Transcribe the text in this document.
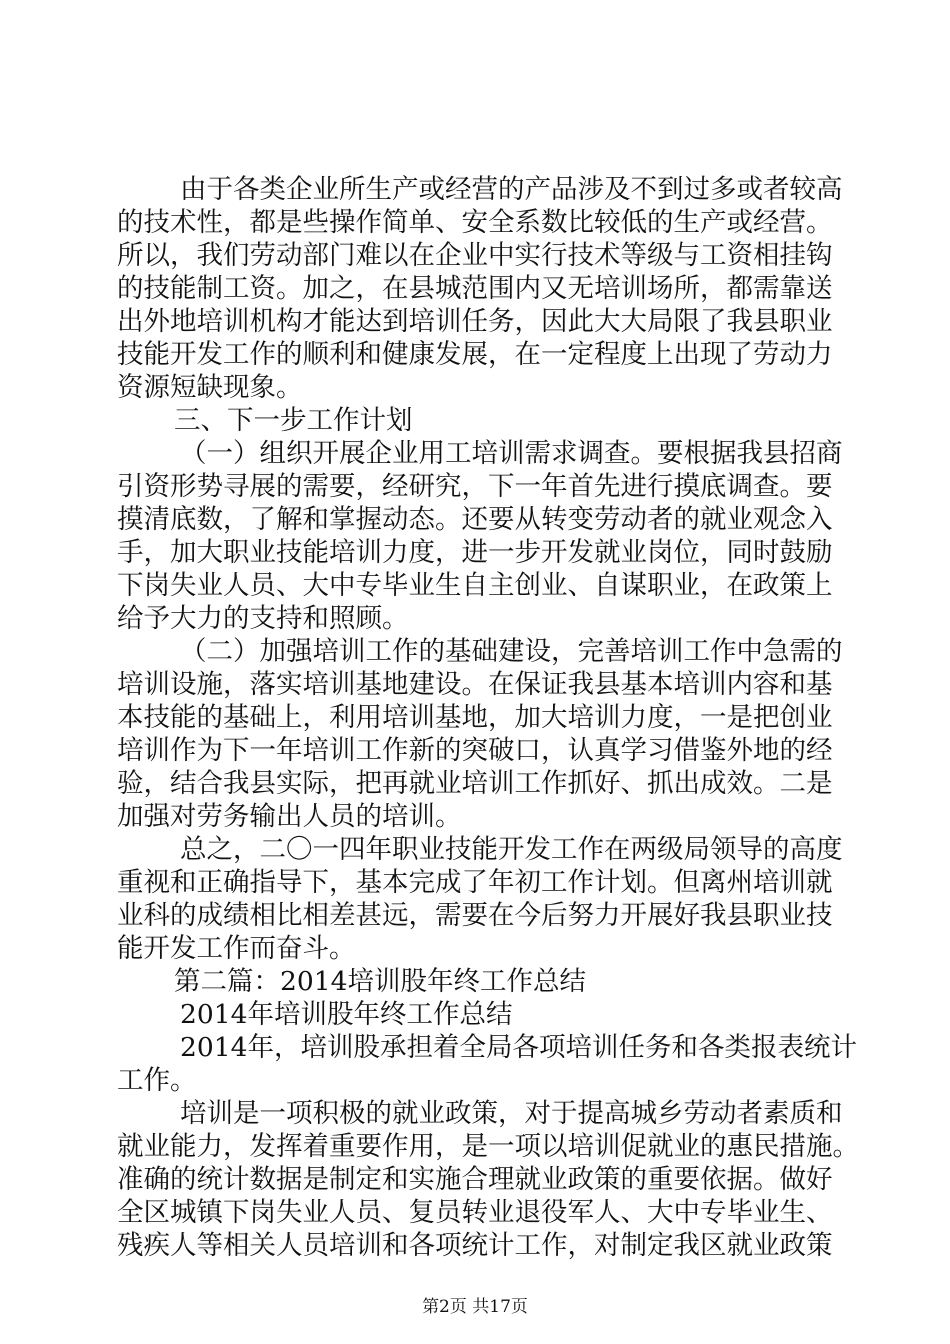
由于各类企业所生产或经营的产品涉及不到过多或者较高
的技术性，都是些操作简单、安全系数比较低的生产或经营。
所以，我们劳动部门难以在企业中实行技术等级与工资相挂钩
的技能制工资。加之，在县城范围内又无培训场所，都需靠送
出外地培训机构才能达到培训任务，因此大大局限了我县职业
技能开发工作的顺利和健康发展，在一定程度上出现了劳动力
资源短缺现象。
三、下一步工作计划
（一）组织开展企业用工培训需求调查。要根据我县招商
引资形势寻展的需要，经研究，下一年首先进行摸底调查。要
摸清底数，了解和掌握动态。还要从转变劳动者的就业观念入
手，加大职业技能培训力度，进一步开发就业岗位，同时鼓励
下岗失业人员、大中专毕业生自主创业、自谋职业，在政策上
给予大力的支持和照顾。
（二）加强培训工作的基础建设，完善培训工作中急需的
培训设施，落实培训基地建设。在保证我县基本培训内容和基
本技能的基础上，利用培训基地，加大培训力度，一是把创业
培训作为下一年培训工作新的突破口，认真学习借鉴外地的经
验，结合我县实际，把再就业培训工作抓好、抓出成效。二是
加强对劳务输出人员的培训。
总之，二〇一四年职业技能开发工作在两级局领导的高度
重视和正确指导下，基本完成了年初工作计划。但离州培训就
业科的成绩相比相差甚远，需要在今后努力开展好我县职业技
能开发工作而奋斗。
第二篇：2014培训股年终工作总结
2014年培训股年终工作总结
2014年，培训股承担着全局各项培训任务和各类报表统计
工作。
培训是一项积极的就业政策，对于提高城乡劳动者素质和
就业能力，发挥着重要作用，是一项以培训促就业的惠民措施。
准确的统计数据是制定和实施合理就业政策的重要依据。做好
全区城镇下岗失业人员、复员转业退役军人、大中专毕业生、
残疾人等相关人员培训和各项统计工作，对制定我区就业政策
第2页 共17页
